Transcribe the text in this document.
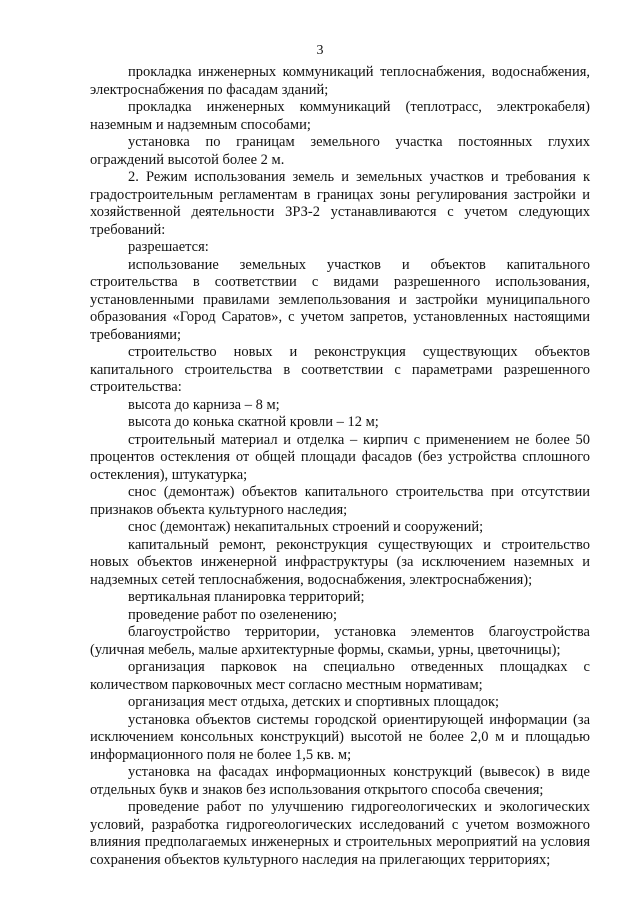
3

прокладка инженерных коммуникаций теплоснабжения, водоснабжения, электроснабжения по фасадам зданий;

прокладка инженерных коммуникаций (теплотрасс, электрокабеля) наземным и надземным способами;

установка по границам земельного участка постоянных глухих ограждений высотой более 2 м.

2. Режим использования земель и земельных участков и требования к градостроительным регламентам в границах зоны регулирования застройки и хозяйственной деятельности ЗРЗ-2 устанавливаются с учетом следующих требований:

разрешается:

использование земельных участков и объектов капитального строительства в соответствии с видами разрешенного использования, установленными правилами землепользования и застройки муниципального образования «Город Саратов», с учетом запретов, установленных настоящими требованиями;

строительство новых и реконструкция существующих объектов капитального строительства в соответствии с параметрами разрешенного строительства:

высота до карниза – 8 м;

высота до конька скатной кровли – 12 м;

строительный материал и отделка – кирпич с применением не более 50 процентов остекления от общей площади фасадов (без устройства сплошного остекления), штукатурка;

снос (демонтаж) объектов капитального строительства при отсутствии признаков объекта культурного наследия;

снос (демонтаж) некапитальных строений и сооружений;

капитальный ремонт, реконструкция существующих и строительство новых объектов инженерной инфраструктуры (за исключением наземных и надземных сетей теплоснабжения, водоснабжения, электроснабжения);

вертикальная планировка территорий;

проведение работ по озеленению;

благоустройство территории, установка элементов благоустройства (уличная мебель, малые архитектурные формы, скамьи, урны, цветочницы);

организация парковок на специально отведенных площадках с количеством парковочных мест согласно местным нормативам;

организация мест отдыха, детских и спортивных площадок;

установка объектов системы городской ориентирующей информации (за исключением консольных конструкций) высотой не более 2,0 м и площадью информационного поля не более 1,5 кв. м;

установка на фасадах информационных конструкций (вывесок) в виде отдельных букв и знаков без использования открытого способа свечения;

проведение работ по улучшению гидрогеологических и экологических условий, разработка гидрогеологических исследований с учетом возможного влияния предполагаемых инженерных и строительных мероприятий на условия сохранения объектов культурного наследия на прилегающих территориях;
